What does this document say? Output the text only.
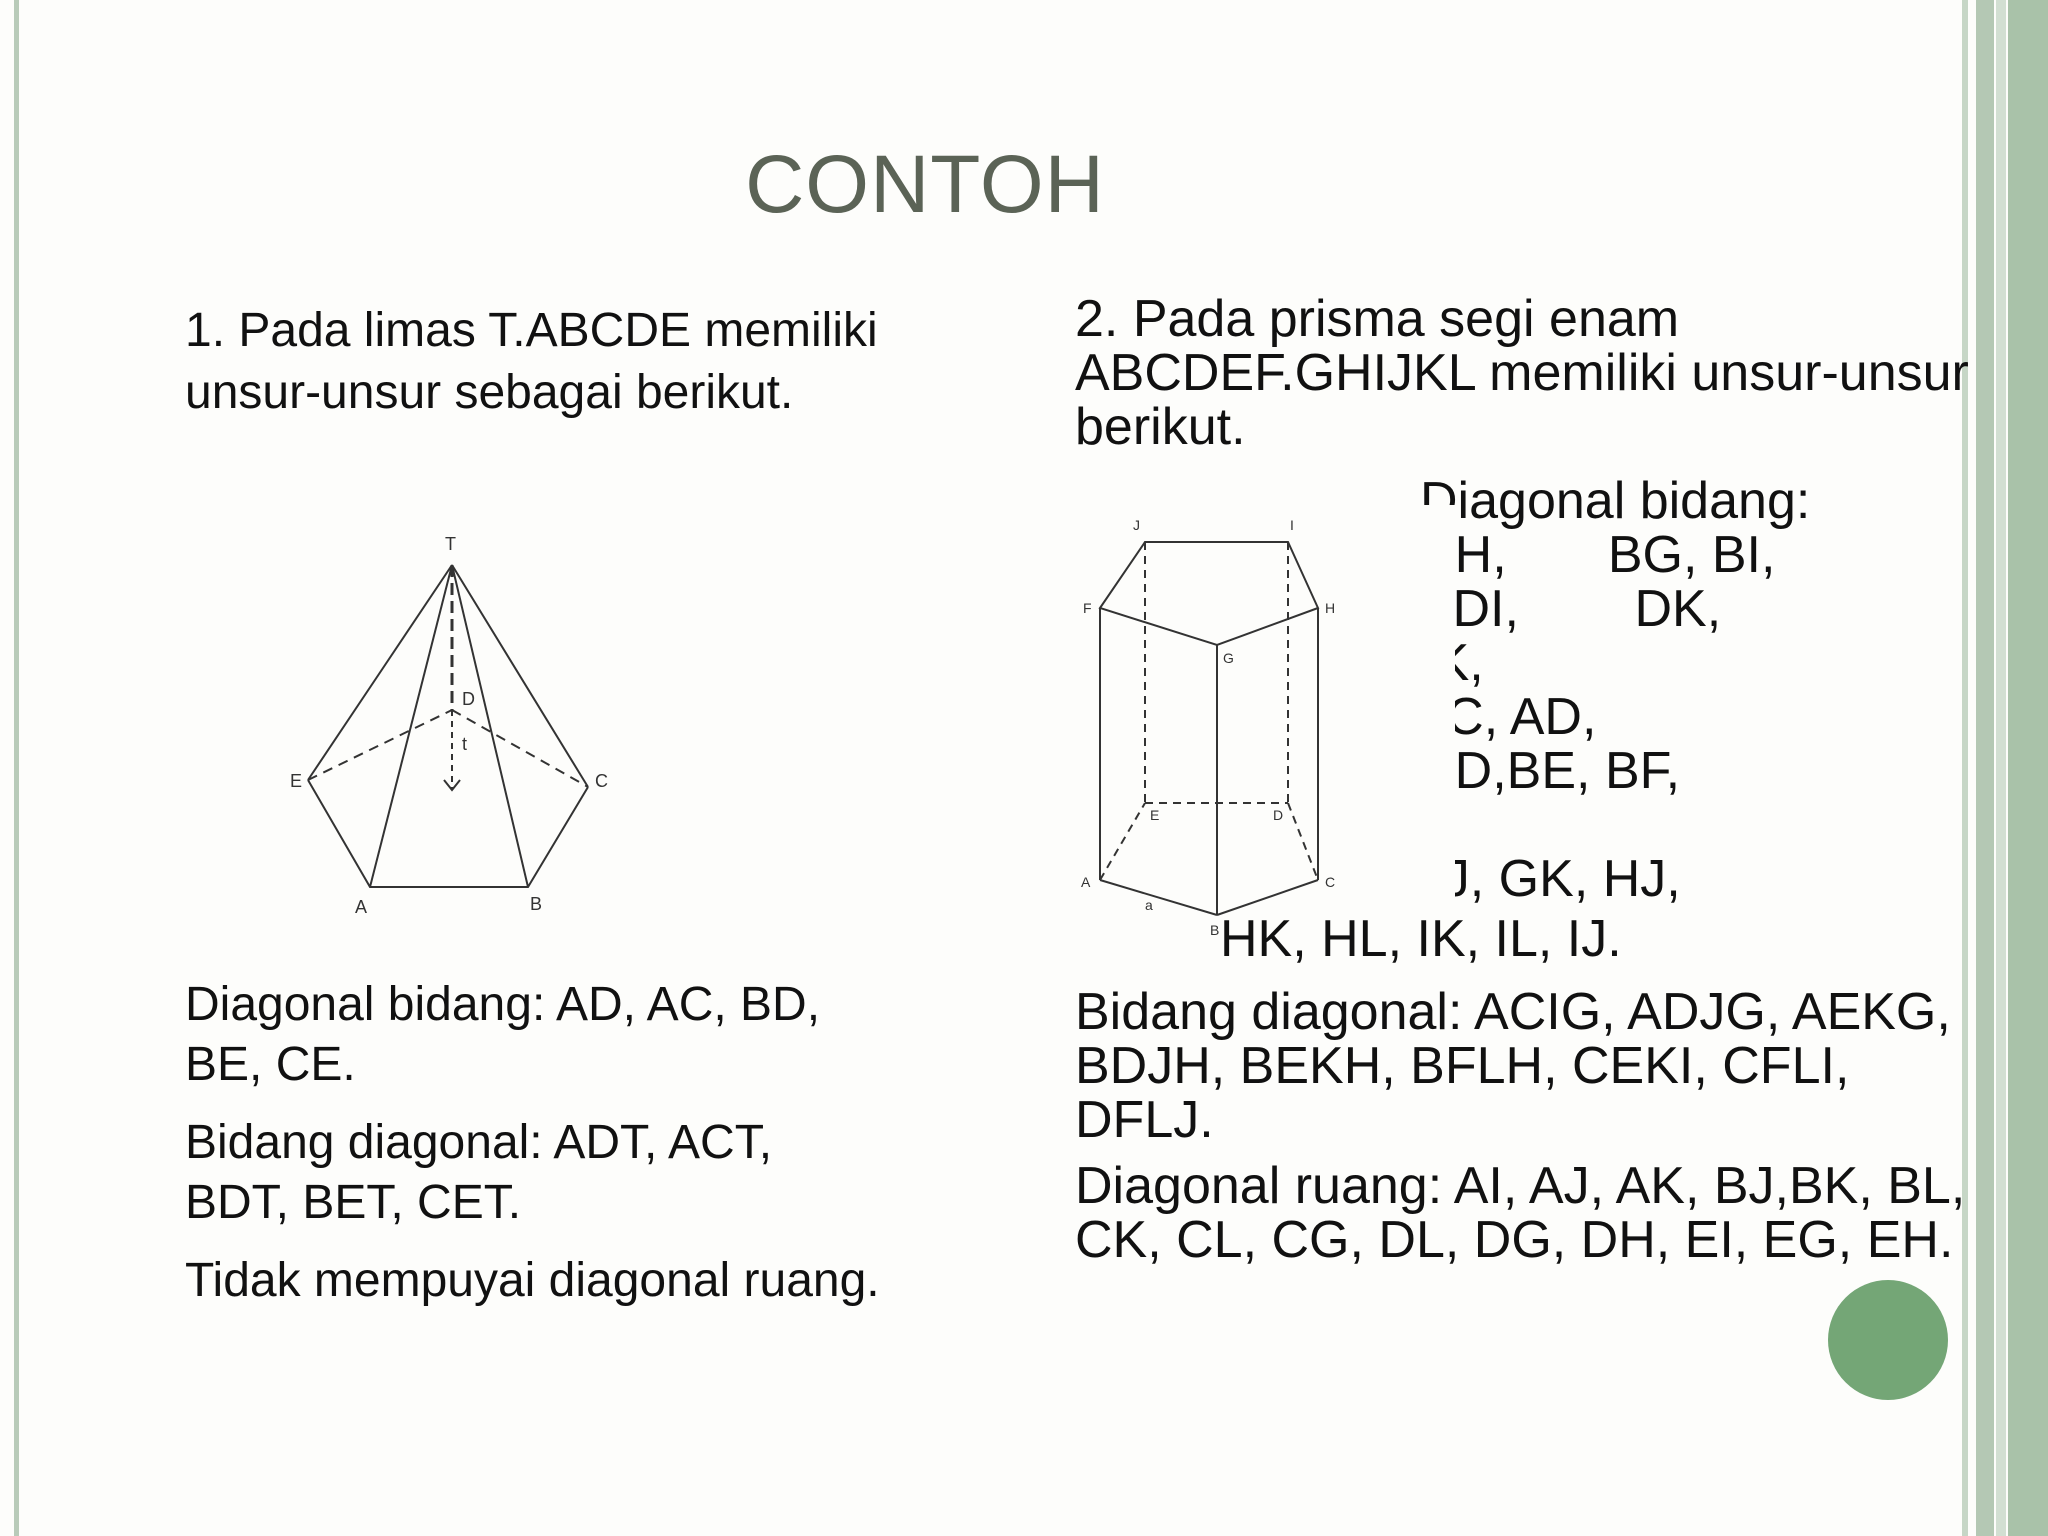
CONTOH
1. Pada limas T.ABCDE memiliki unsur-unsur sebagai berikut.
T
D
t
E	C
A	B

Diagonal bidang: AD, AC, BD, BE, CE.

Bidang diagonal: ADT, ACT, BDT, BET, CET.

Tidak mempuyai diagonal ruang.

2. Pada prisma segi enam ABCDEF.GHIJKL memiliki unsur-unsur berikut.
Diagonal bidang:
AH,       BG, BI,
CJ, DI,        DK,
L, FK,
G, AC, AD,
BD,BE, BF,
CF,
I, GJ, GK, HJ,
J	I
F	H
G
E	D
A
a
B
C
HK, HL, IK, IL, IJ.

Bidang diagonal: ACIG, ADJG, AEKG, BDJH, BEKH, BFLH, CEKI, CFLI, DFLJ.

Diagonal ruang: AI, AJ, AK, BJ,BK, BL, CK, CL, CG, DL, DG, DH, EI, EG, EH.
